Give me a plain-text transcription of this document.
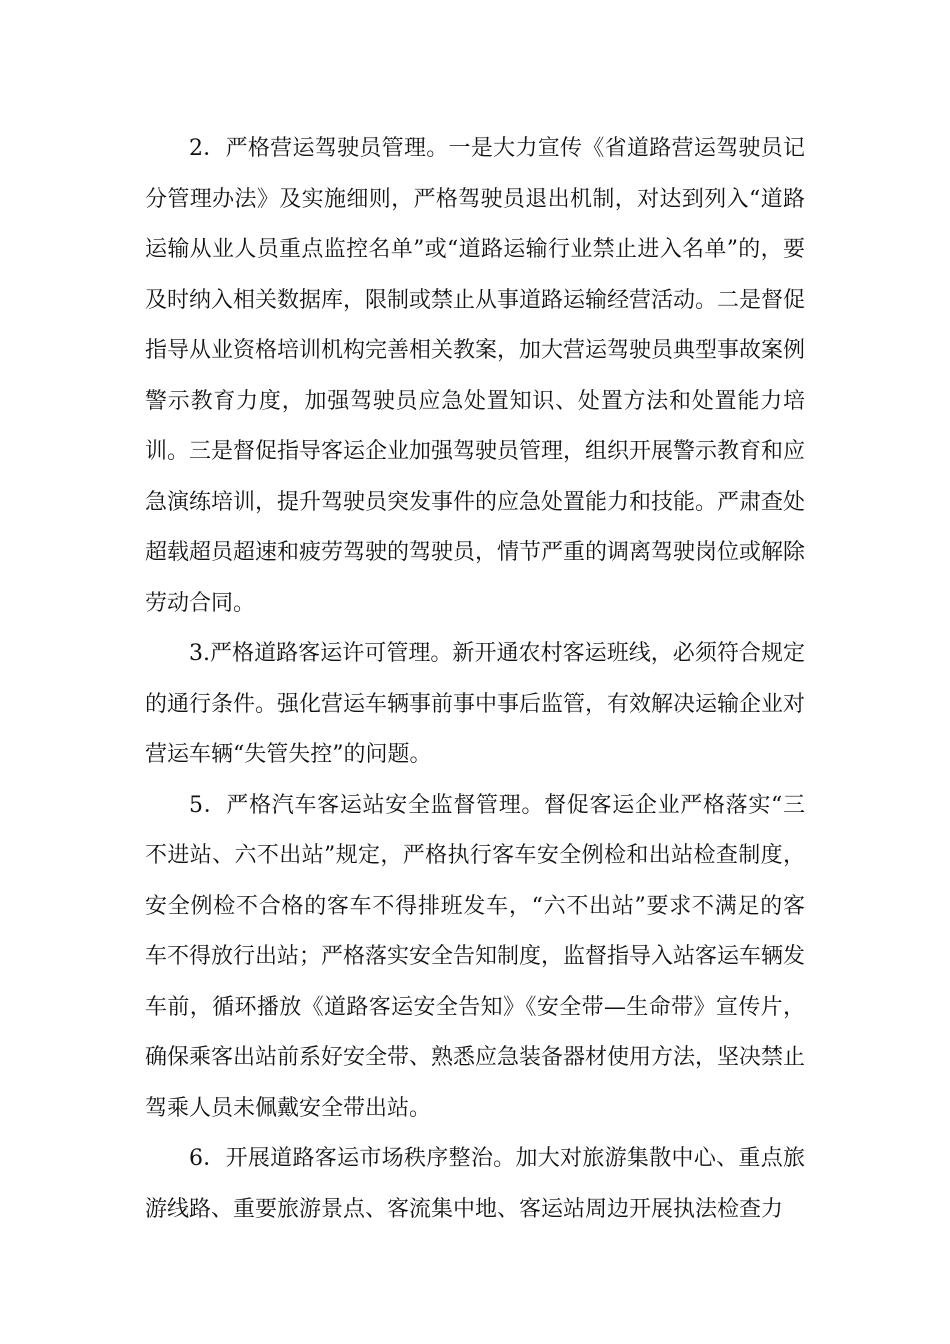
2．严格营运驾驶员管理。一是大力宣传《省道路营运驾驶员记分管理办法》及实施细则，严格驾驶员退出机制，对达到列入“道路运输从业人员重点监控名单”或“道路运输行业禁止进入名单”的，要及时纳入相关数据库，限制或禁止从事道路运输经营活动。二是督促指导从业资格培训机构完善相关教案，加大营运驾驶员典型事故案例警示教育力度，加强驾驶员应急处置知识、处置方法和处置能力培训。三是督促指导客运企业加强驾驶员管理，组织开展警示教育和应急演练培训，提升驾驶员突发事件的应急处置能力和技能。严肃查处超载超员超速和疲劳驾驶的驾驶员，情节严重的调离驾驶岗位或解除劳动合同。

3.严格道路客运许可管理。新开通农村客运班线，必须符合规定的通行条件。强化营运车辆事前事中事后监管，有效解决运输企业对营运车辆“失管失控”的问题。

5．严格汽车客运站安全监督管理。督促客运企业严格落实“三不进站、六不出站”规定，严格执行客车安全例检和出站检查制度，安全例检不合格的客车不得排班发车，“六不出站”要求不满足的客车不得放行出站；严格落实安全告知制度，监督指导入站客运车辆发车前，循环播放《道路客运安全告知》《安全带—生命带》宣传片，确保乘客出站前系好安全带、熟悉应急装备器材使用方法，坚决禁止驾乘人员未佩戴安全带出站。

6．开展道路客运市场秩序整治。加大对旅游集散中心、重点旅游线路、重要旅游景点、客流集中地、客运站周边开展执法检查力
